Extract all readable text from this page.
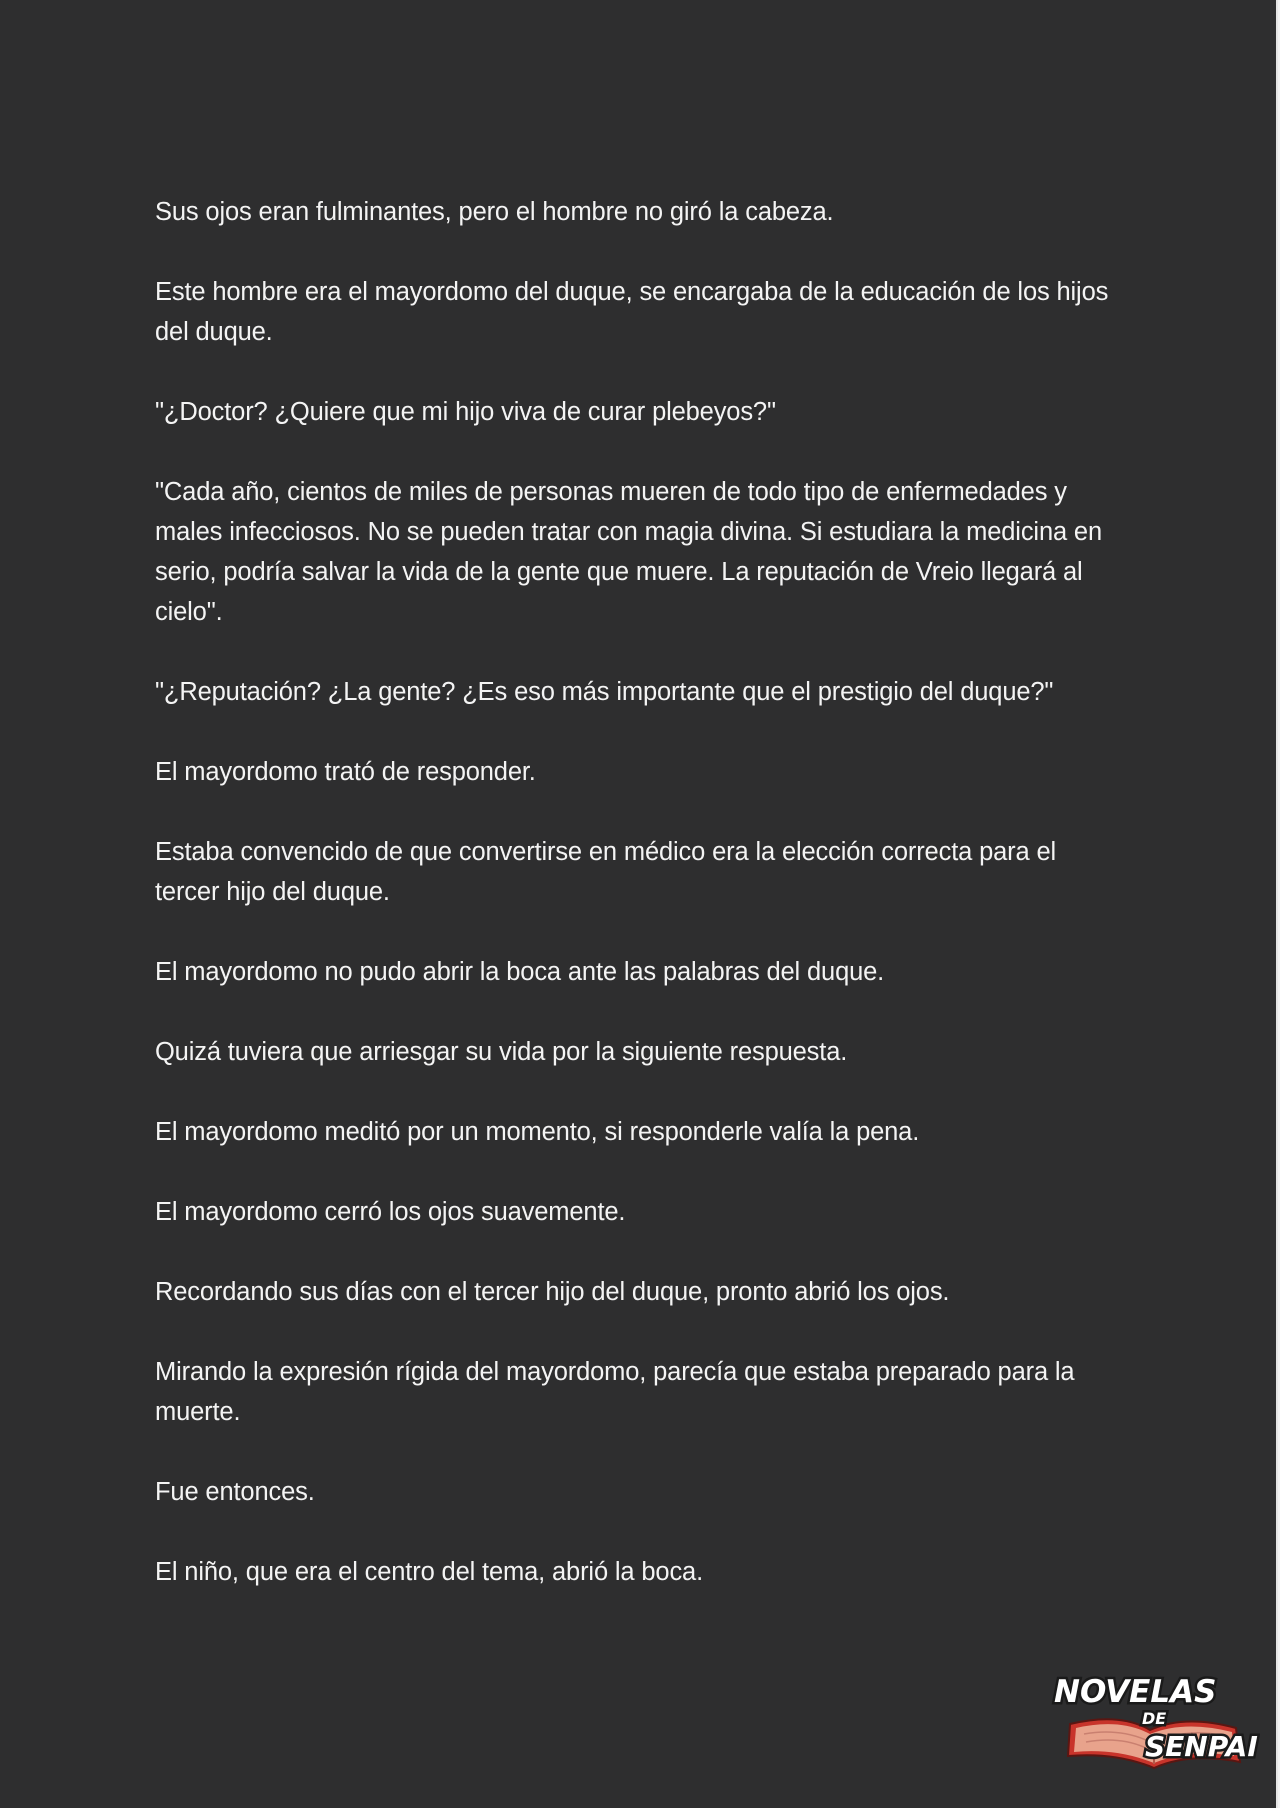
Sus ojos eran fulminantes, pero el hombre no giró la cabeza.

Este hombre era el mayordomo del duque, se encargaba de la educación de los hijos del duque.

"¿Doctor? ¿Quiere que mi hijo viva de curar plebeyos?"

"Cada año, cientos de miles de personas mueren de todo tipo de enfermedades y males infecciosos. No se pueden tratar con magia divina. Si estudiara la medicina en serio, podría salvar la vida de la gente que muere. La reputación de Vreio llegará al cielo".

"¿Reputación? ¿La gente? ¿Es eso más importante que el prestigio del duque?"

El mayordomo trató de responder.

Estaba convencido de que convertirse en médico era la elección correcta para el tercer hijo del duque.

El mayordomo no pudo abrir la boca ante las palabras del duque.

Quizá tuviera que arriesgar su vida por la siguiente respuesta.

El mayordomo meditó por un momento, si responderle valía la pena.

El mayordomo cerró los ojos suavemente.

Recordando sus días con el tercer hijo del duque, pronto abrió los ojos.

Mirando la expresión rígida del mayordomo, parecía que estaba preparado para la muerte.

Fue entonces.

El niño, que era el centro del tema, abrió la boca.

NOVELAS
DE
SENPAI
